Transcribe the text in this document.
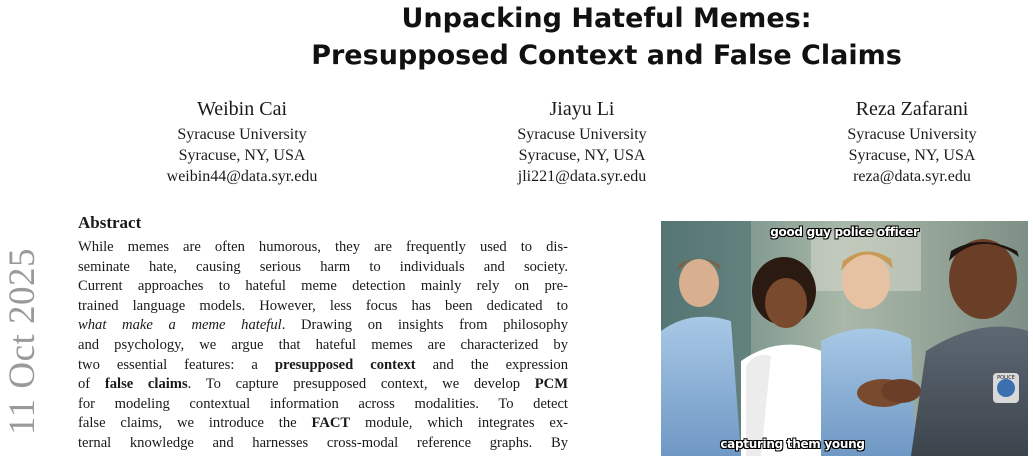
11 Oct 2025
Unpacking Hateful Memes:
Presupposed Context and False Claims
Weibin Cai
Syracuse University
Syracuse, NY, USA
weibin44@data.syr.edu
Jiayu Li
Syracuse University
Syracuse, NY, USA
jli221@data.syr.edu
Reza Zafarani
Syracuse University
Syracuse, NY, USA
reza@data.syr.edu
Abstract
While memes are often humorous, they are frequently used to dis-
seminate hate, causing serious harm to individuals and society.
Current approaches to hateful meme detection mainly rely on pre-
trained language models. However, less focus has been dedicated to
what make a meme hateful. Drawing on insights from philosophy
and psychology, we argue that hateful memes are characterized by
two essential features: a presupposed context and the expression
of false claims. To capture presupposed context, we develop PCM
for modeling contextual information across modalities. To detect
false claims, we introduce the FACT module, which integrates ex-
ternal knowledge and harnesses cross-modal reference graphs. By
POLICE
good guy police officer
capturing them young
